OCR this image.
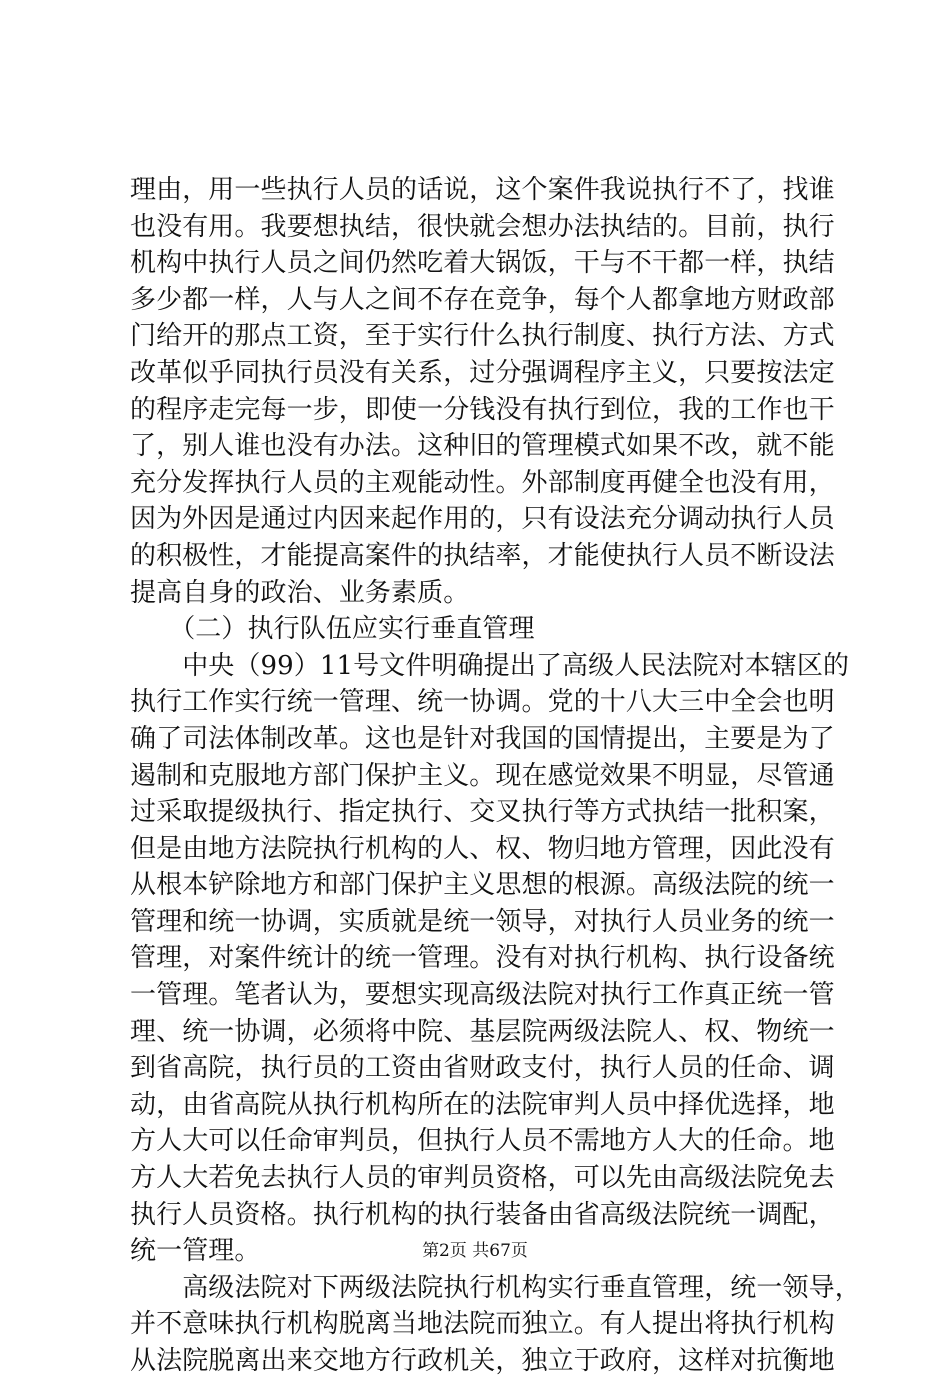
理由，用一些执行人员的话说，这个案件我说执行不了，找谁
也没有用。我要想执结，很快就会想办法执结的。目前，执行
机构中执行人员之间仍然吃着大锅饭，干与不干都一样，执结
多少都一样，人与人之间不存在竞争，每个人都拿地方财政部
门给开的那点工资，至于实行什么执行制度、执行方法、方式
改革似乎同执行员没有关系，过分强调程序主义，只要按法定
的程序走完每一步，即使一分钱没有执行到位，我的工作也干
了，别人谁也没有办法。这种旧的管理模式如果不改，就不能
充分发挥执行人员的主观能动性。外部制度再健全也没有用，
因为外因是通过内因来起作用的，只有设法充分调动执行人员
的积极性，才能提高案件的执结率，才能使执行人员不断设法
提高自身的政治、业务素质。
　　（二）执行队伍应实行垂直管理
　　中央（99）11号文件明确提出了高级人民法院对本辖区的
执行工作实行统一管理、统一协调。党的十八大三中全会也明
确了司法体制改革。这也是针对我国的国情提出，主要是为了
遏制和克服地方部门保护主义。现在感觉效果不明显，尽管通
过采取提级执行、指定执行、交叉执行等方式执结一批积案，
但是由地方法院执行机构的人、权、物归地方管理，因此没有
从根本铲除地方和部门保护主义思想的根源。高级法院的统一
管理和统一协调，实质就是统一领导，对执行人员业务的统一
管理，对案件统计的统一管理。没有对执行机构、执行设备统
一管理。笔者认为，要想实现高级法院对执行工作真正统一管
理、统一协调，必须将中院、基层院两级法院人、权、物统一
到省高院，执行员的工资由省财政支付，执行人员的任命、调
动，由省高院从执行机构所在的法院审判人员中择优选择，地
方人大可以任命审判员，但执行人员不需地方人大的任命。地
方人大若免去执行人员的审判员资格，可以先由高级法院免去
执行人员资格。执行机构的执行装备由省高级法院统一调配，
统一管理。
　　高级法院对下两级法院执行机构实行垂直管理，统一领导，
并不意味执行机构脱离当地法院而独立。有人提出将执行机构
从法院脱离出来交地方行政机关，独立于政府，这样对抗衡地
第2页 共67页
